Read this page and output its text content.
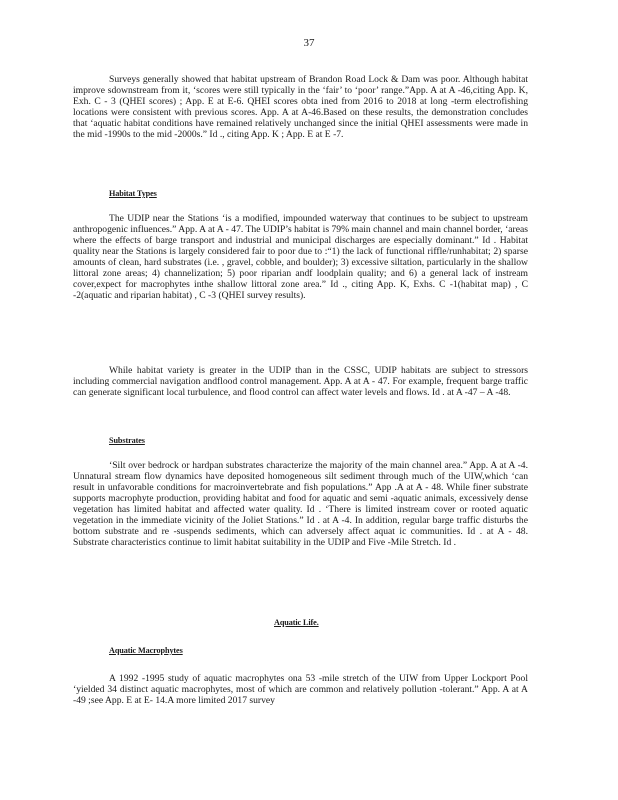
37

Surveys generally showed that habitat upstream of Brandon Road Lock & Dam was poor. Although habitat improve sdownstream from it, ‘scores were still typically in the ‘fair’ to ‘poor’ range.”App. A at A -46,citing App. K, Exh. C - 3 (QHEI scores) ; App. E at E-6. QHEI scores obta ined from 2016 to 2018 at long -term electrofishing locations were consistent with previous scores. App. A at A-46.Based on these results, the demonstration concludes that ‘aquatic habitat conditions have remained relatively unchanged since the initial QHEI assessments were made in the mid -1990s to the mid -2000s.” Id ., citing App. K ; App. E at E -7.

Habitat Types

The UDIP near the Stations ‘is a modified, impounded waterway that continues to be subject to upstream anthropogenic influences.” App. A at A - 47. The UDIP’s habitat is 79% main channel and main channel border, ‘areas where the effects of barge transport and industrial and municipal discharges are especially dominant.” Id . Habitat quality near the Stations is largely considered fair to poor due to :“1) the lack of functional riffle/runhabitat; 2) sparse amounts of clean, hard substrates (i.e. , gravel, cobble, and boulder); 3) excessive siltation, particularly in the shallow littoral zone areas; 4) channelization; 5) poor riparian andf loodplain quality; and 6) a general lack of instream cover,expect for macrophytes inthe shallow littoral zone area.” Id ., citing App. K, Exhs. C -1(habitat map) , C -2(aquatic and riparian habitat) , C -3 (QHEI survey results).

While habitat variety is greater in the UDIP than in the CSSC, UDIP habitats are subject to stressors including commercial navigation andflood control management. App. A at A - 47. For example, frequent barge traffic can generate significant local turbulence, and flood control can affect water levels and flows. Id . at A -47 – A -48.

Substrates

‘Silt over bedrock or hardpan substrates characterize the majority of the main channel area.” App. A at A -4. Unnatural stream flow dynamics have deposited homogeneous silt sediment through much of the UIW,which ‘can result in unfavorable conditions for macroinvertebrate and fish populations.” App .A at A - 48. While finer substrate supports macrophyte production, providing habitat and food for aquatic and semi -aquatic animals, excessively dense vegetation has limited habitat and affected water quality. Id . ‘There is limited instream cover or rooted aquatic vegetation in the immediate vicinity of the Joliet Stations.” Id . at A -4. In addition, regular barge traffic disturbs the bottom substrate and re -suspends sediments, which can adversely affect aquat ic communities. Id . at A - 48. Substrate characteristics continue to limit habitat suitability in the UDIP and Five -Mile Stretch. Id .

Aquatic Life.
Aquatic Macrophytes

A 1992 -1995 study of aquatic macrophytes ona 53 -mile stretch of the UIW from Upper Lockport Pool ‘yielded 34 distinct aquatic macrophytes, most of which are common and relatively pollution -tolerant.” App. A at A -49 ;see App. E at E- 14.A more limited 2017 survey
